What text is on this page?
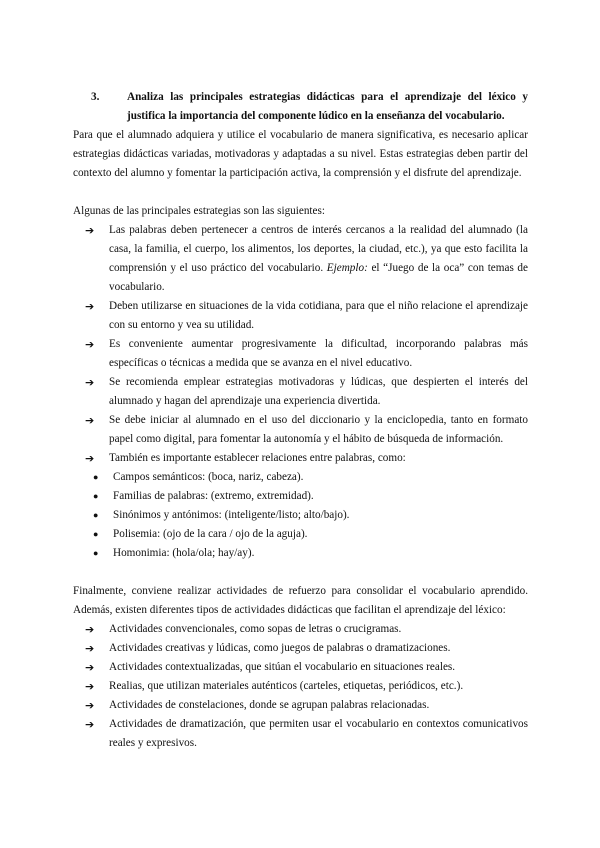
3.	Analiza las principales estrategias didácticas para el aprendizaje del léxico y justifica la importancia del componente lúdico en la enseñanza del vocabulario.

Para que el alumnado adquiera y utilice el vocabulario de manera significativa, es necesario aplicar estrategias didácticas variadas, motivadoras y adaptadas a su nivel. Estas estrategias deben partir del contexto del alumno y fomentar la participación activa, la comprensión y el disfrute del aprendizaje.

Algunas de las principales estrategias son las siguientes:

➔	Las palabras deben pertenecer a centros de interés cercanos a la realidad del alumnado (la casa, la familia, el cuerpo, los alimentos, los deportes, la ciudad, etc.), ya que esto facilita la comprensión y el uso práctico del vocabulario. Ejemplo: el “Juego de la oca” con temas de vocabulario.
➔	Deben utilizarse en situaciones de la vida cotidiana, para que el niño relacione el aprendizaje con su entorno y vea su utilidad.
➔	Es conveniente aumentar progresivamente la dificultad, incorporando palabras más específicas o técnicas a medida que se avanza en el nivel educativo.
➔	Se recomienda emplear estrategias motivadoras y lúdicas, que despierten el interés del alumnado y hagan del aprendizaje una experiencia divertida.
➔	Se debe iniciar al alumnado en el uso del diccionario y la enciclopedia, tanto en formato papel como digital, para fomentar la autonomía y el hábito de búsqueda de información.
➔	También es importante establecer relaciones entre palabras, como:
●	Campos semánticos: (boca, nariz, cabeza).
●	Familias de palabras: (extremo, extremidad).
●	Sinónimos y antónimos: (inteligente/listo; alto/bajo).
●	Polisemia: (ojo de la cara / ojo de la aguja).
●	Homonimia: (hola/ola; hay/ay).

Finalmente, conviene realizar actividades de refuerzo para consolidar el vocabulario aprendido. Además, existen diferentes tipos de actividades didácticas que facilitan el aprendizaje del léxico:

➔	Actividades convencionales, como sopas de letras o crucigramas.
➔	Actividades creativas y lúdicas, como juegos de palabras o dramatizaciones.
➔	Actividades contextualizadas, que sitúan el vocabulario en situaciones reales.
➔	Realias, que utilizan materiales auténticos (carteles, etiquetas, periódicos, etc.).
➔	Actividades de constelaciones, donde se agrupan palabras relacionadas.
➔	Actividades de dramatización, que permiten usar el vocabulario en contextos comunicativos reales y expresivos.
